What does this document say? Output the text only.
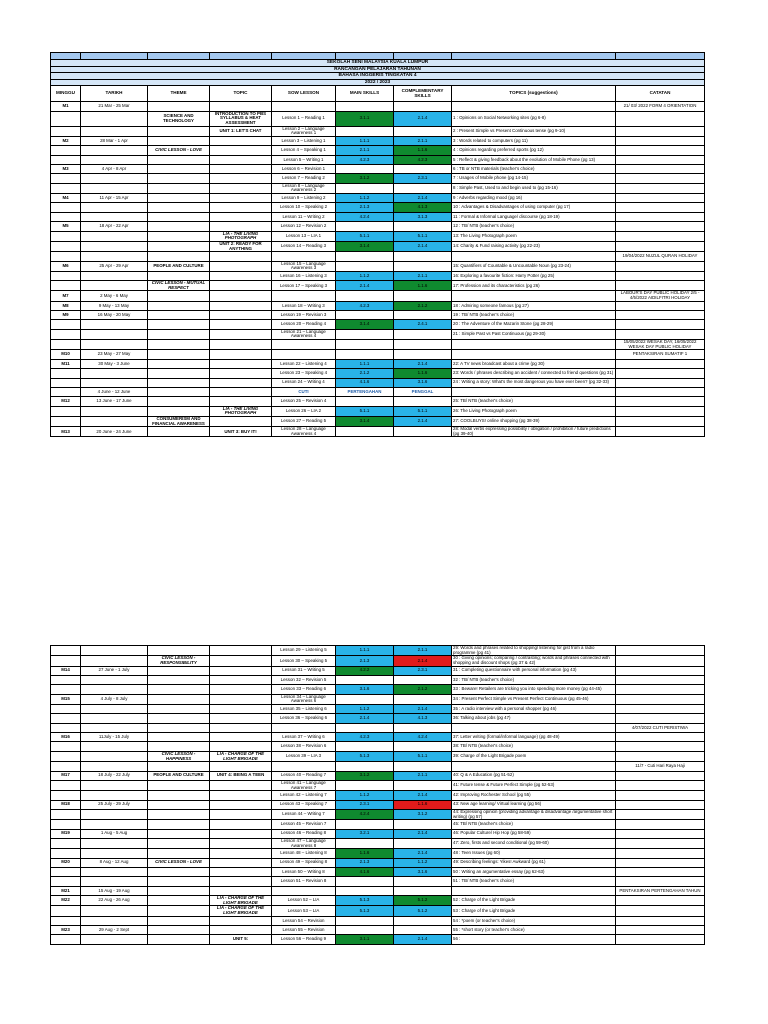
SEKOLAH SENI MALAYSIA KUALA LUMPUR								
RANCANGAN PELAJARAN TAHUNAN								
BAHASA INGGERIS TINGKATAN 4								
2022 / 2023								
MINGGU	TARIKH	THEME	TOPIC	SOW LESSON	MAIN SKILLS	COMPLEMENTARY SKILLS	TOPICS (suggestions)	CATATAN
M1	21 Mar - 25 Mar							21/ 03/ 2022 FORM 4 ORIENTATION
		SCIENCE AND TECHNOLOGY	INTRODUCTION TO PBS SYLLABUS & HEAT ASSESSMENT	Lesson 1 – Reading 1	3.1.1	2.1.4	1 : Opinions on Social Networking sites (pg 6-8)	
			UNIT 1: LET'S CHAT	Lesson 2 – Language Awareness 1			2 : Present Simple vs Present Continuous tense (pg 9-10)	
M2	28 Mar - 1 Apr			Lesson 3 – Listening 1	1.1.1	2.1.1	3 : Words related to computers (pg 11)	
		CIVIC LESSON - LOVE		Lesson 4 – Speaking 1	2.1.1	1.1.6	4 : Opinions regarding preferred sports (pg 12)	
				Lesson 5 – Writing 1	4.2.3	4.2.3	5 : Reflect & giving feedback about the evolution of Mobile Phone (pg 13)	
M3	4 Apr - 8 Apr			Lesson 6 – Revision 1			6 : TB or NTB materials (teacher's choice)	
				Lesson 7 – Reading 2	3.1.2	2.3.1	7 : Usages of Mobile phone (pg 14-15)	
				Lesson 8 – Language Awareness 2			8 : Simple Past, Used to and begin used to (pg 15-16)	
M4	11 Apr - 15 Apr			Lesson 9 – Listening 2	1.1.2	2.1.4	9 : Adverbs regarding mood (pg 16)	
				Lesson 10 – Speaking 2	2.1.3	4.1.3	10 : Advantages & Disadvantages of using computer (pg 17)	
				Lesson 11 – Writing 2	4.2.4	3.1.3	11 : Formal & Informal Language/ discourse (pg 18-19)	
M5	18 Apr - 22 Apr			Lesson 12 – Revision 2			12 : TB/ NTB (teacher's choice)	
			LIA - THE LIVING PHOTOGRAPH	Lesson 13 – LIA 1	5.1.1	5.1.1	13: The Living Photograph poem	
			UNIT 2: READY FOR ANYTHING	Lesson 14 – Reading 3	3.1.4	2.1.4	14: Charity & Fund raising activity (pg 22-23)	
								19/04/2022 NUZUL QURAN HOLIDAY
M6	25 Apr - 29 Apr	PEOPLE AND CULTURE		Lesson 15 – Language Awareness 3			15: Quantifiers of Countable & Uncountable Noun (pg 23-24)	
				Lesson 16 – Listening 3	1.1.2	2.1.1	16: Exploring a favourite fiction: Harry Potter (pg 25)	
		CIVIC LESSON - MUTUAL RESPECT		Lesson 17 – Speaking 3	2.1.4	1.1.6	17: Profession and its characteristics (pg 26)	
M7	2 May - 6 May							LABOUR'S DAY PUBLIC HOLIDAY 2/5 - 4/5/2022 AIDILFITRI HOLIDAY
M8	9 May - 13 May			Lesson 18 – Writing 3	4.2.3	2.1.2	18 : Admiring someone famous (pg 27)	
M9	16 May - 20 May			Lesson 19 – Revision 3			19 : TB/ NTB (teacher's choice)	
				Lesson 20 – Reading 4	3.1.4	2.4.1	20 : The Adventure of the Mazarin Stone (pg 28-29)	
				Lesson 21 – Language Awareness 4			21 : Simple Past vs Past Continuous (pg 29-30)	
								15/05/2022 WESAK DAY, 16/05/2022 WESAK DAY PUBLIC HOLIDAY
M10	23 May - 27 May							PENTAKSIRAN SUMATIF 1
M11	30 May - 3 June			Lesson 22 – Listening 4	1.1.1	2.1.4	22: A TV news broadcast about a crime (pg 30)	
				Lesson 23 – Speaking 4	2.1.2	1.1.6	23: Words / phrases describing an accident / connected to friend questions (pg 31)	
				Lesson 24 – Writing 4	4.1.6	3.1.6	24 : Writing a story: What's the most dangerous you have ever been? (pg 32-33)	
	4 June - 12 June			CUTI	PERTENGAHAN	PENGGAL		
M12	13 June - 17 June			Lesson 25 – Revision 4			25: TB/ NTB (teacher's choice)	
			LIA - THE LIVING PHOTOGRAPH	Lesson 26 – LIA 2	5.1.1	5.1.1	26: The Living Photograph poem	
		CONSUMERISM AND FINANCIAL AWARENESS		Lesson 27 – Reading 5	3.1.4	2.1.4	27: COOLBUYS! online shopping (pg 38-39)	
M13	20 June - 24 June		UNIT 3: BUY IT!	Lesson 28 – Language Awareness 4			28: Modal verbs expressing possibility / obligation / prohibition / future predictions (pg 39-40)	
				Lesson 29 – Listening 5	1.1.1	2.1.1	29: Words and phrases related to shopping/ listening for gist from a radio programme (pg 41)	
		CIVIC LESSON - RESPONSIBILITY		Lesson 30 – Speaking 5	2.1.3	2.1.4	30 : Giving opinions; comparing / contrasting; words and phrases connected with shopping and discount shops (pg 37 & 42)	
M14	27 June - 1 July			Lesson 31 – Writing 5	4.2.2	2.3.1	31 : Completing questionnaire with personal information (pg 43)	
				Lesson 32 – Revision 5			32 : TB/ NTB (teacher's choice)	
				Lesson 33 – Reading 6	3.1.6	2.1.2	33 : Beware! Retailers are tricking you into spending more money (pg 44-45)	
M15	4 July - 8 July			Lesson 34 – Language Awareness 6			34 : Present Perfect Simple vs Present Perfect Continuous (pg 45-46)	
				Lesson 35 – Listening 6	1.1.2	2.1.4	35 : A radio interview with a personal shopper (pg 46)	
				Lesson 36 – Speaking 6	2.1.4	4.1.3	36: Talking about jobs (pg 47)	
								4/07/2022 CUTI PERISTIWA
M16	11July - 15 July			Lesson 37 – Writing 6	4.2.3	4.2.4	37: Letter writing (formal/informal language) (pg 48-49)	
				Lesson 38 – Revision 6			38: TB/ NTB (teacher's choice)	
		CIVIC LESSON - HAPPINESS	LIA - CHARGE OF THE LIGHT BRIGADE	Lesson 39 – LIA 3	5.1.3	5.1.1	39: Charge of the Light Brigade poem	
								11/7 - Cuti Hari Raya Haji
M17	18 July - 22 July	PEOPLE AND CULTURE	UNIT 4: BEING A TEEN	Lesson 40 – Reading 7	3.1.2	2.1.1	40: Q & A Education (pg 51-52)	
				Lesson 41 – Language Awareness 7			41: Future tense & Future Perfect Simple (pg 52-53)	
				Lesson 42 – Listening 7	1.1.2	2.1.4	42: Improving Rochester School (pg 55)	
M18	25 July - 29 July			Lesson 43 – Speaking 7	2.3.1	1.1.6	43: New age learning/ Virtual learning (pg 56)	
				Lesson 44 – Writing 7	4.2.4	3.1.2	44: Expressing opinion (providing advantage & disadvantage /argumentative short writing) (pg 57)	
				Lesson 45 – Revision 7			45: TB/ NTB (teacher's choice)	
M19	1 Aug - 5 Aug			Lesson 46 – Reading 8	3.2.1	2.1.4	46: Popular Culture/ Hip Hop (pg 58-59)	
				Lesson 47 – Language Awareness 8			47: Zero, firsts and second conditional (pg 59-60)	
				Lesson 48 – Listening 8	1.1.6	2.1.4	48 : Teen Issues (pg 60)	
M20	8 Aug - 12 Aug	CIVIC LESSON - LOVE		Lesson 49 – Speaking 8	2.1.3	1.1.2	49: Describing feelings: Yikes! Awkward (pg 61)	
				Lesson 50 – Writing 8	4.1.6	3.1.6	50 : Writing an argumentative essay (pg 62-63)	
				Lesson 51 – Revision 8			51 : TB/ NTB (teacher's choice)	
M21	15 Aug - 19 Aug							PENTAKSIRAN PERTENGAHAN TAHUN
M22	22 Aug - 26 Aug		LIA - CHARGE OF THE LIGHT BRIGADE	Lesson 52 – LIA	5.1.3	5.1.2	52 : Charge of the Light Brigade	
			LIA - CHARGE OF THE LIGHT BRIGADE	Lesson 53 – LIA	5.1.3	5.1.2	53 : Charge of the Light Brigade	
				Lesson 54 – Revision			54 : *poem (or teacher's choice)	
M23	29 Aug - 2 Sept			Lesson 55 – Revision			55 : *short story (or teacher's choice)	
			UNIT 5:	Lesson 56 – Reading 9	3.1.1	2.1.4	56 :	
